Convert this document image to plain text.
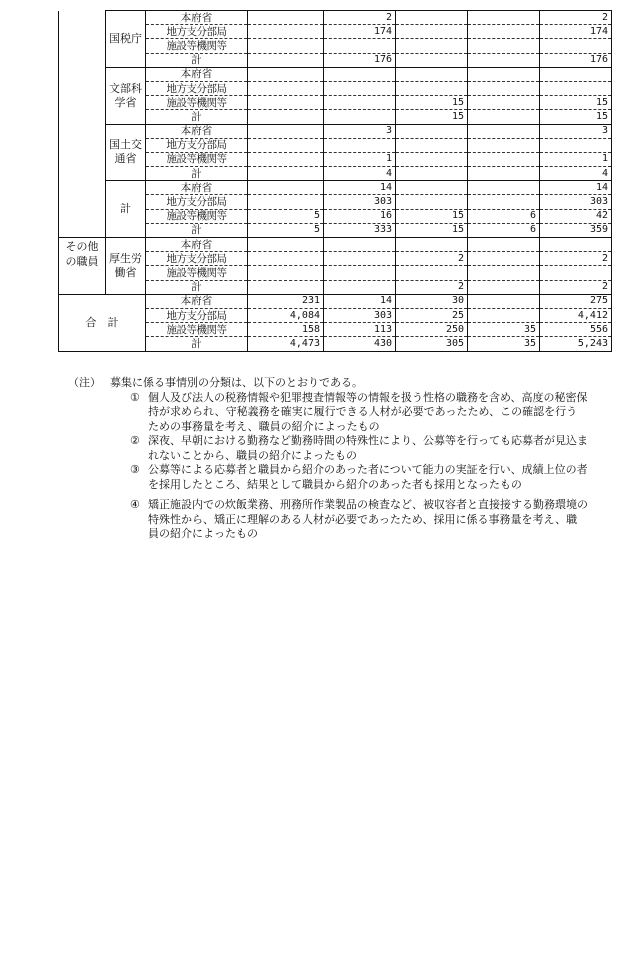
	国税庁	本府省		2			2
		地方支分部局		174			174
		施設等機関等					
		計		176			176
	文部科学省	本府省					
		地方支分部局					
		施設等機関等			15		15
		計			15		15
	国土交通省	本府省		3			3
		地方支分部局					
		施設等機関等		1			1
		計		4			4
	計	本府省		14			14
		地方支分部局		303			303
		施設等機関等	5	16	15	6	42
		計	5	333	15	6	359
その他の職員	厚生労働省	本府省					
		地方支分部局			2		2
		施設等機関等					
		計			2		2
合　計		本府省	231	14	30		275
		地方支分部局	4,084	303	25		4,412
		施設等機関等	158	113	250	35	556
		計	4,473	430	305	35	5,243
（注） 募集に係る事情別の分類は、以下のとおりである。
① 個人及び法人の税務情報や犯罪捜査情報等の情報を扱う性格の職務を含め、高度の秘密保持が求められ、守秘義務を確実に履行できる人材が必要であったため、この確認を行うための事務量を考え、職員の紹介によったもの
② 深夜、早朝における勤務など勤務時間の特殊性により、公募等を行っても応募者が見込まれないことから、職員の紹介によったもの
③ 公募等による応募者と職員から紹介のあった者について能力の実証を行い、成績上位の者を採用したところ、結果として職員から紹介のあった者も採用となったもの
④ 矯正施設内での炊飯業務、刑務所作業製品の検査など、被収容者と直接接する勤務環境の特殊性から、矯正に理解のある人材が必要であったため、採用に係る事務量を考え、職員の紹介によったもの
